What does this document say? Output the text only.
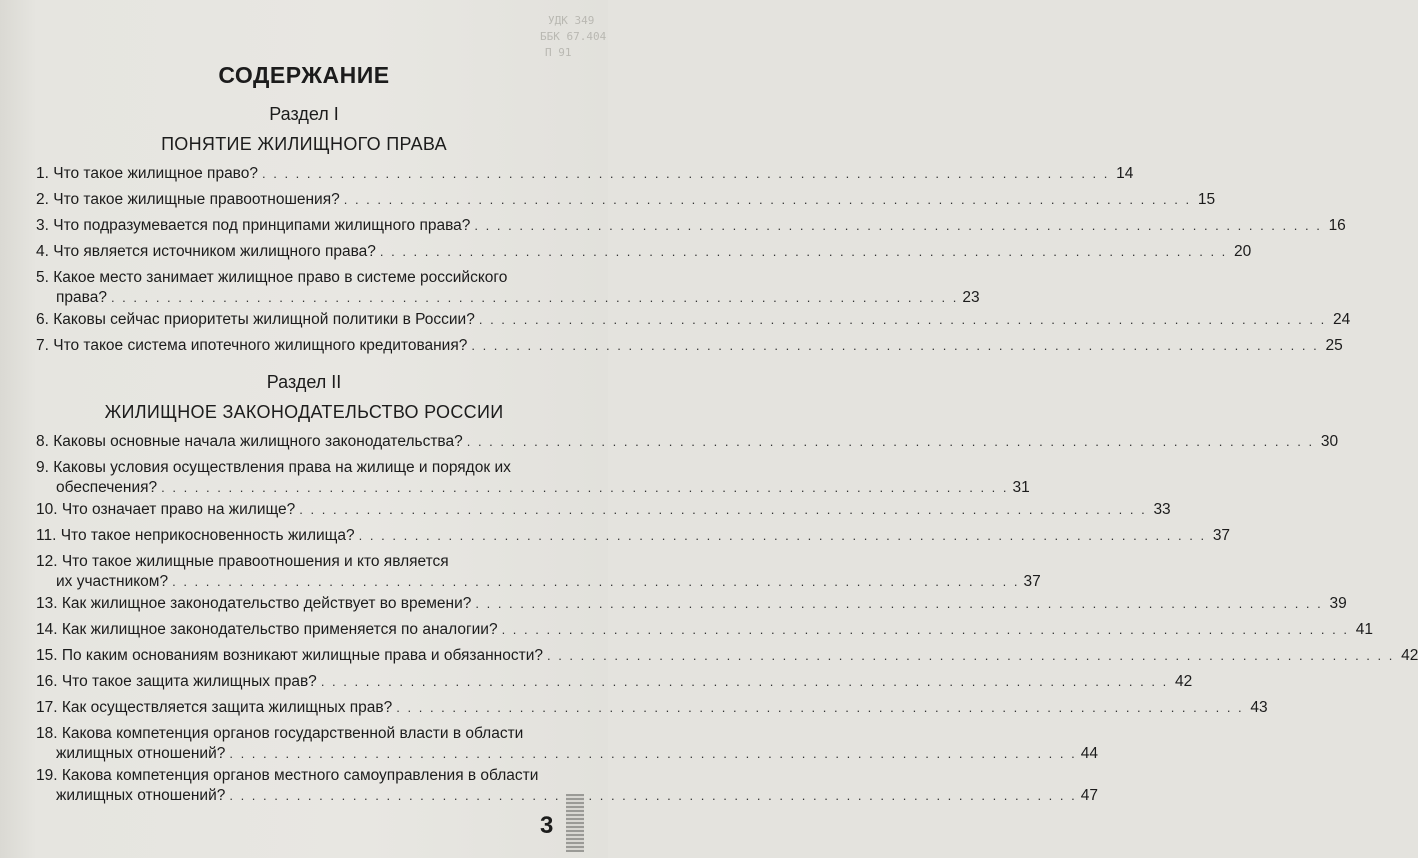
УДК 349
ББК 67.404
П 91
СОДЕРЖАНИЕ
Раздел I
ПОНЯТИЕ ЖИЛИЩНОГО ПРАВА
1. Что такое жилищное право? . . .	14
2. Что такое жилищные правоотношения? . . .	15
3. Что подразумевается под принципами жилищного права? . . .	16
4. Что является источником жилищного права? . . .	20
5. Какое место занимает жилищное право в системе российского
права? . . .	23
6. Каковы сейчас приоритеты жилищной политики в России? . . .	24
7. Что такое система ипотечного жилищного кредитования? . . .	25
Раздел II
ЖИЛИЩНОЕ ЗАКОНОДАТЕЛЬСТВО РОССИИ
8. Каковы основные начала жилищного законодательства? . . .	30
9. Каковы условия осуществления права на жилище и порядок их
обеспечения? . . .	31
10. Что означает право на жилище? . . .	33
11. Что такое неприкосновенность жилища? . . .	37
12. Что такое жилищные правоотношения и кто является
их участником? . . .	37
13. Как жилищное законодательство действует во времени? . . .	39
14. Как жилищное законодательство применяется по аналогии? . . .	41
15. По каким основаниям возникают жилищные права и обязанности? . . .	42
16. Что такое защита жилищных прав? . . .	42
17. Как осуществляется защита жилищных прав? . . .	43
18. Какова компетенция органов государственной власти в области
жилищных отношений? . . .	44
19. Какова компетенция органов местного самоуправления в области
жилищных отношений? . . .	47
3
